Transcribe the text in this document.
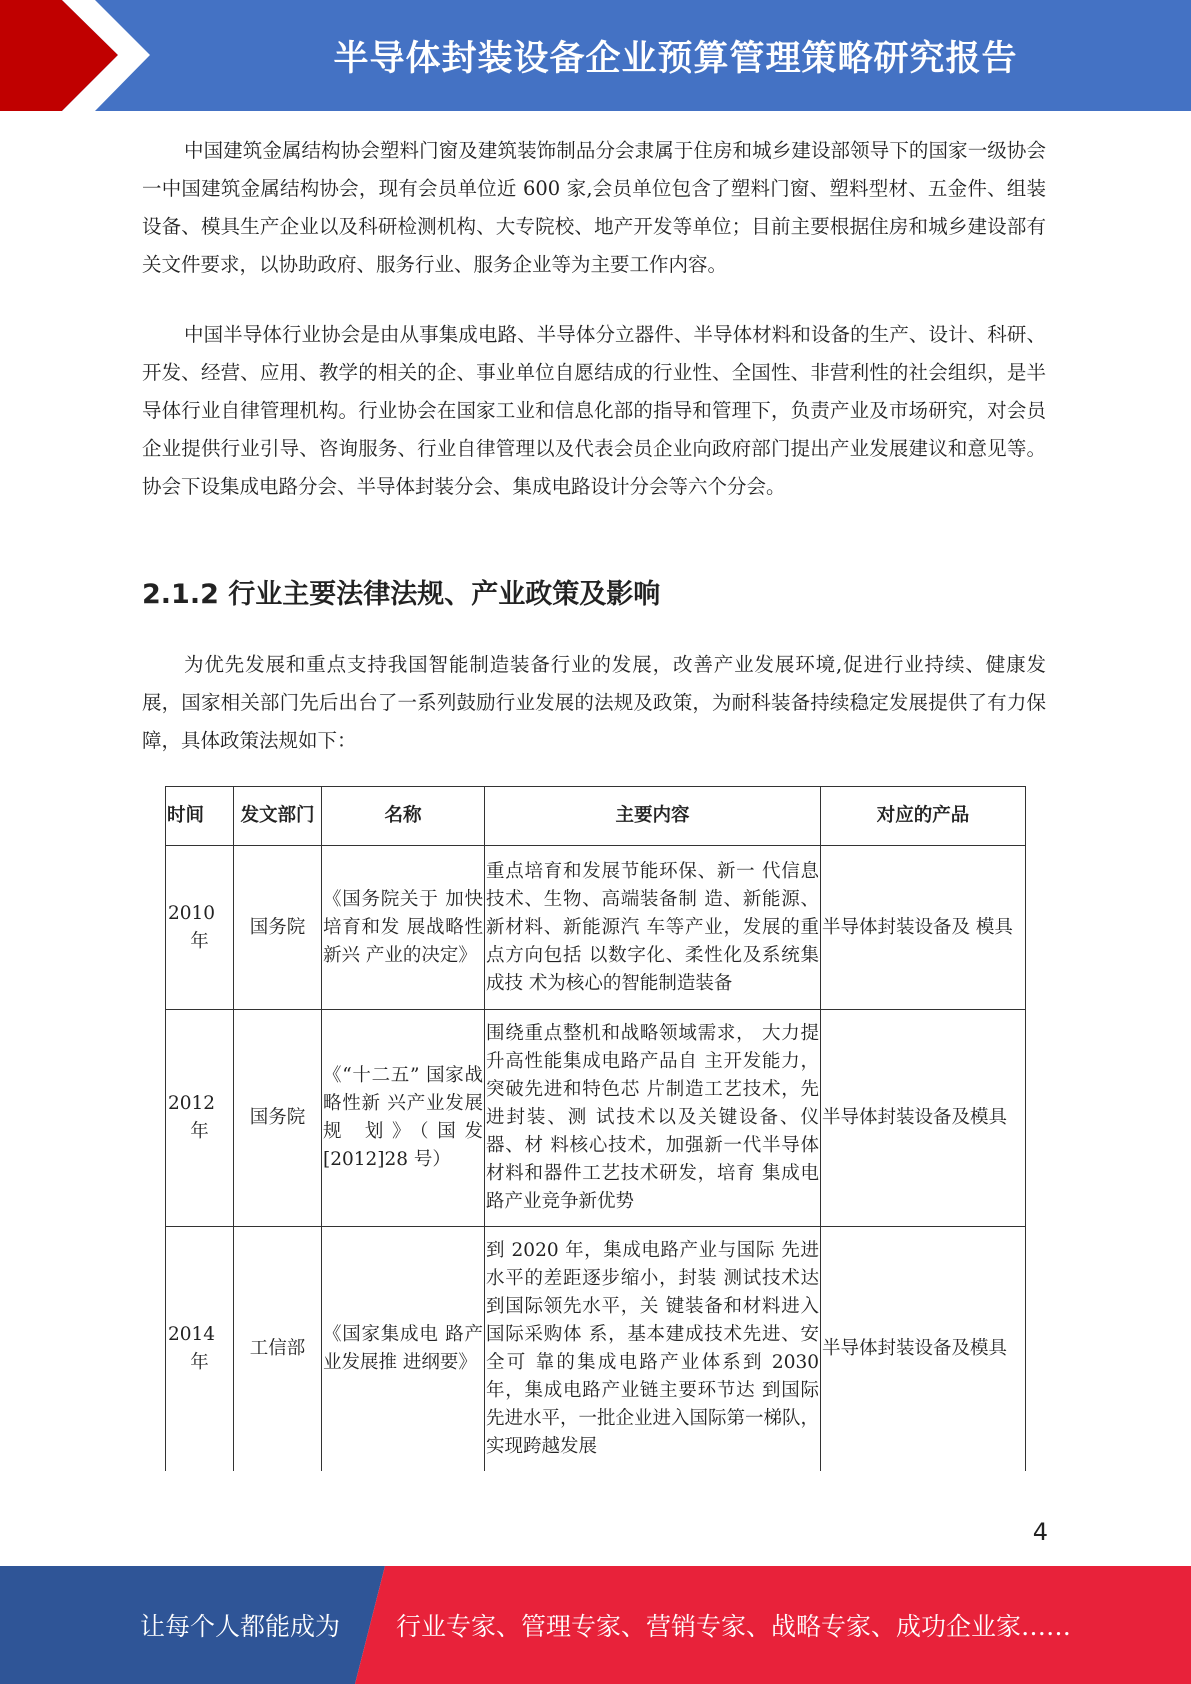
半导体封装设备企业预算管理策略研究报告

中国建筑金属结构协会塑料门窗及建筑装饰制品分会隶属于住房和城乡建设部领导下的国家一级协会一中国建筑金属结构协会，现有会员单位近 600 家,会员单位包含了塑料门窗、塑料型材、五金件、组装设备、模具生产企业以及科研检测机构、大专院校、地产开发等单位；目前主要根据住房和城乡建设部有关文件要求，以协助政府、服务行业、服务企业等为主要工作内容。

中国半导体行业协会是由从事集成电路、半导体分立器件、半导体材料和设备的生产、设计、科研、开发、经营、应用、教学的相关的企、事业单位自愿结成的行业性、全国性、非营利性的社会组织，是半导体行业自律管理机构。行业协会在国家工业和信息化部的指导和管理下，负责产业及市场研究，对会员企业提供行业引导、咨询服务、行业自律管理以及代表会员企业向政府部门提出产业发展建议和意见等。协会下设集成电路分会、半导体封装分会、集成电路设计分会等六个分会。

2.1.2 行业主要法律法规、产业政策及影响

为优先发展和重点支持我国智能制造装备行业的发展，改善产业发展环境,促进行业持续、健康发展，国家相关部门先后出台了一系列鼓励行业发展的法规及政策，为耐科装备持续稳定发展提供了有力保障，具体政策法规如下：

时间	发文部门	名称	主要内容	对应的产品

2010
年	国务院	《国务院关于 加快培育和发 展战略性新兴 产业的决定》	重点培育和发展节能环保、新一 代信息技术、生物、高端装备制 造、新能源、新材料、新能源汽 车等产业，发展的重点方向包括 以数字化、柔性化及系统集成技 术为核心的智能制造装备	半导体封装设备及 模具

2012
年	国务院	《“十二五” 国家战略性新 兴产业发展规 划》（国发 [2012]28 号）	围绕重点整机和战略领域需求， 大力提升高性能集成电路产品自 主开发能力，突破先进和特色芯 片制造工艺技术，先进封装、测 试技术以及关键设备、仪器、材 料核心技术，加强新一代半导体 材料和器件工艺技术研发，培育 集成电路产业竞争新优势	半导体封装设备及模具

2014
年	工信部	《国家集成电 路产业发展推 进纲要》	到 2020 年，集成电路产业与国际 先进水平的差距逐步缩小，封装 测试技术达到国际领先水平，关 键装备和材料进入国际采购体 系，基本建成技术先进、安全可 靠的集成电路产业体系到 2030 年，集成电路产业链主要环节达 到国际先进水平，一批企业进入国际第一梯队，实现跨越发展	半导体封装设备及模具
4
让每个人都能成为 行业专家、管理专家、营销专家、战略专家、成功企业家……
